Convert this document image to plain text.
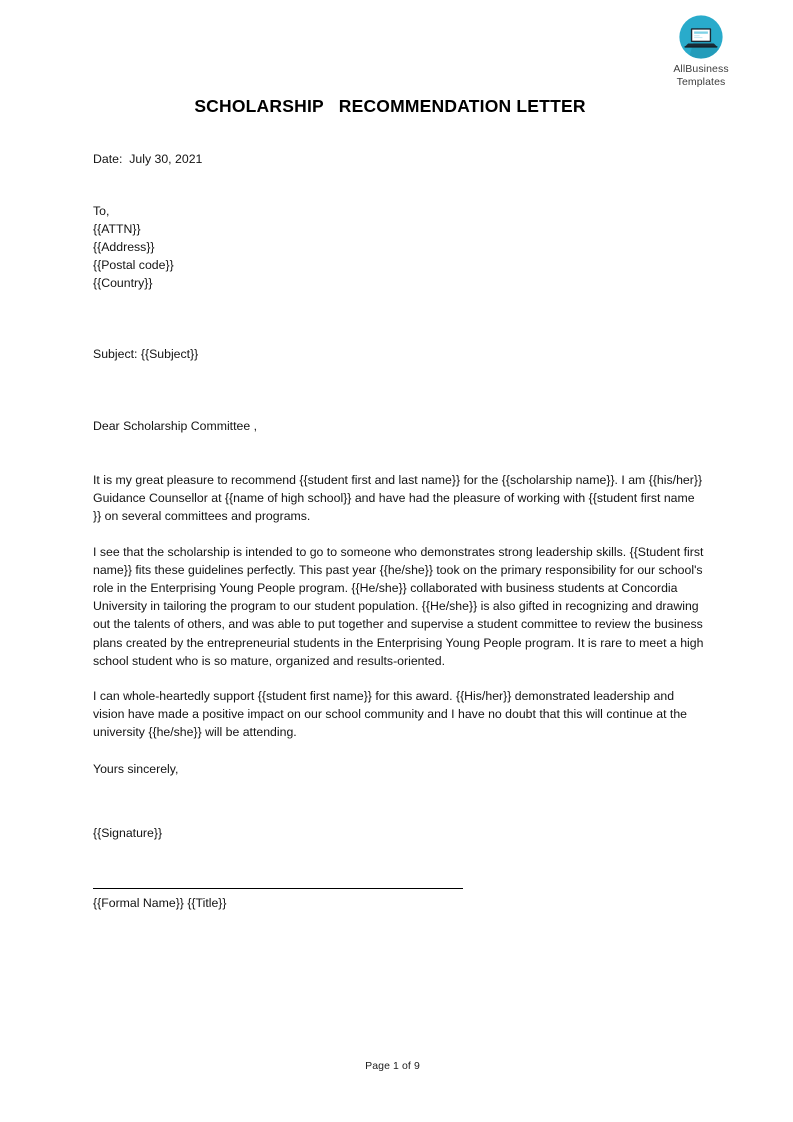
AllBusiness
Templates
SCHOLARSHIP   RECOMMENDATION LETTER
Date:  July 30, 2021
To,
{{ATTN}}
{{Address}}
{{Postal code}}
{{Country}}
Subject: {{Subject}}
Dear Scholarship Committee ,

It is my great pleasure to recommend {{student first and last name}} for the {{scholarship name}}. I am {{his/her}} Guidance Counsellor at {{name of high school}} and have had the pleasure of working with {{student first name }} on several committees and programs.

I see that the scholarship is intended to go to someone who demonstrates strong leadership skills. {{Student first name}} fits these guidelines perfectly. This past year {{he/she}} took on the primary responsibility for our school's role in the Enterprising Young People program. {{He/she}} collaborated with business students at Concordia University in tailoring the program to our student population. {{He/she}} is also gifted in recognizing and drawing out the talents of others, and was able to put together and supervise a student committee to review the business plans created by the entrepreneurial students in the Enterprising Young People program. It is rare to meet a high school student who is so mature, organized and results-oriented.

I can whole-heartedly support {{student first name}} for this award. {{His/her}} demonstrated leadership and vision have made a positive impact on our school community and I have no doubt that this will continue at the university {{he/she}} will be attending.

Yours sincerely,
{{Signature}}
{{Formal Name}} {{Title}}
Page 1 of 9
